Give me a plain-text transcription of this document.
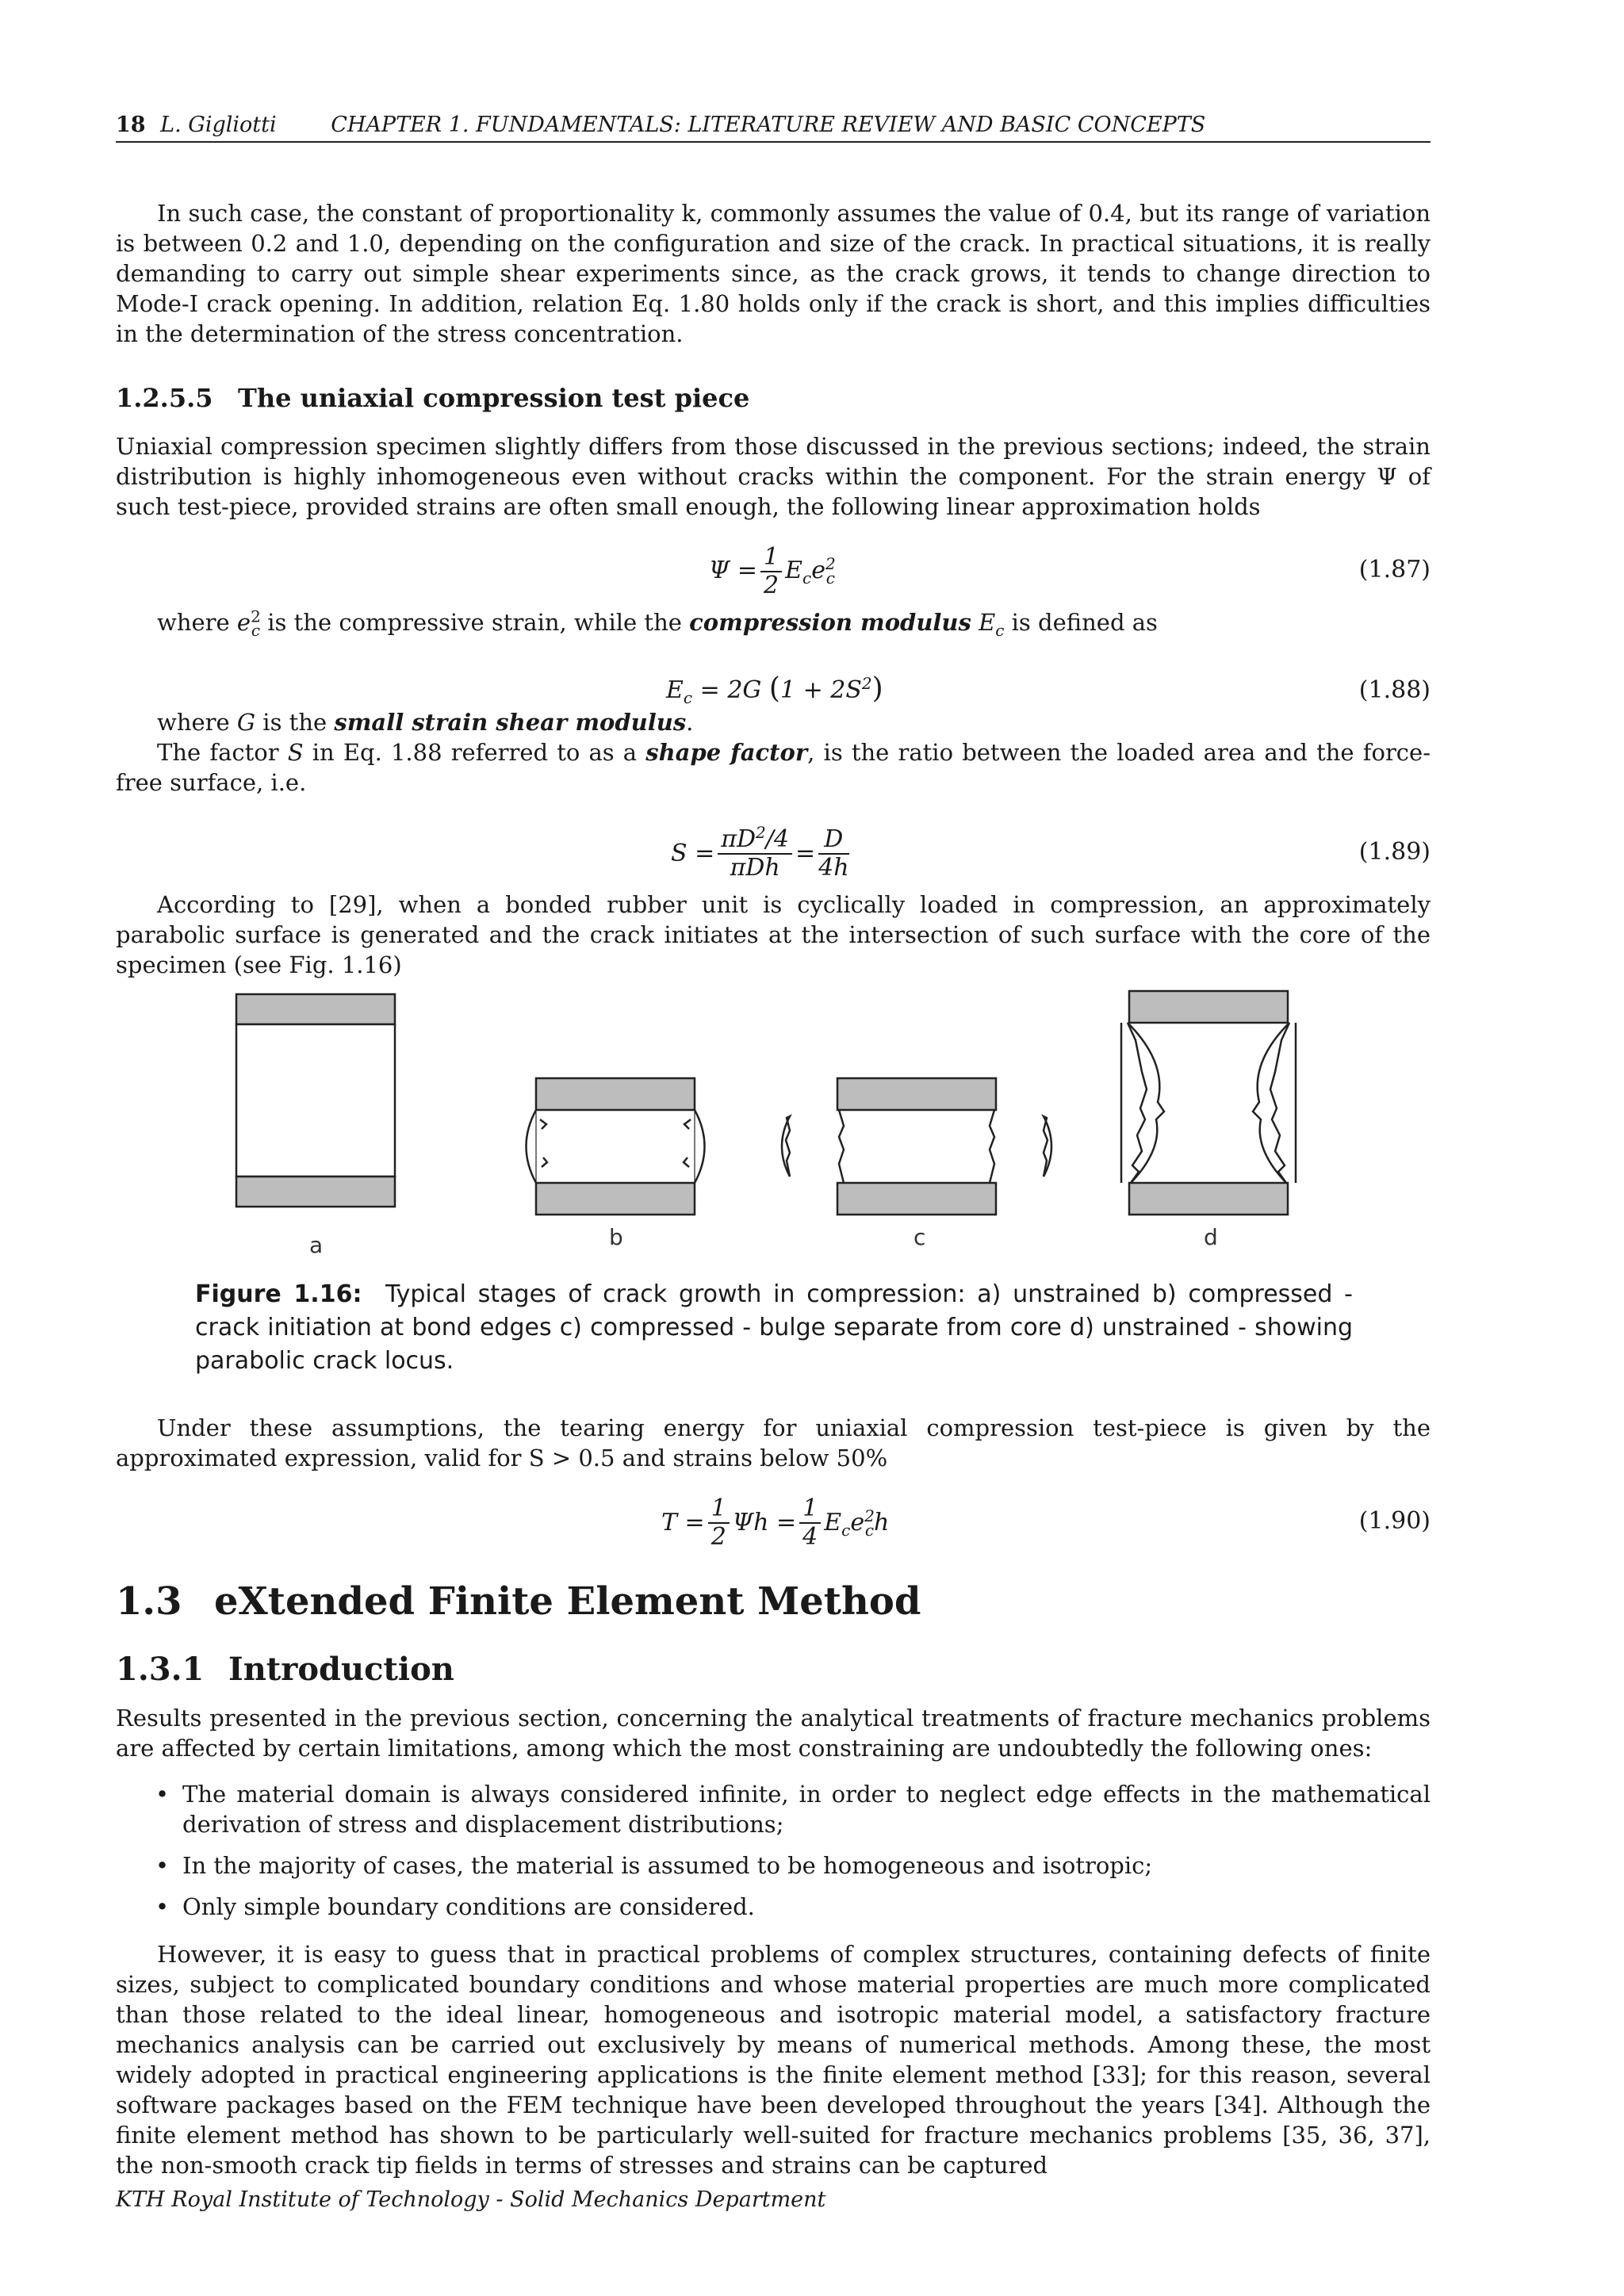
18 L. Gigliotti	CHAPTER 1. FUNDAMENTALS: LITERATURE REVIEW AND BASIC CONCEPTS

In such case, the constant of proportionality k, commonly assumes the value of 0.4, but its range of variation is between 0.2 and 1.0, depending on the configuration and size of the crack. In practical situations, it is really demanding to carry out simple shear experiments since, as the crack grows, it tends to change direction to Mode-I crack opening. In addition, relation Eq. 1.80 holds only if the crack is short, and this implies difficulties in the determination of the stress concentration.

1.2.5.5 The uniaxial compression test piece

Uniaxial compression specimen slightly differs from those discussed in the previous sections; indeed, the strain distribution is highly inhomogeneous even without cracks within the component. For the strain energy Ψ of such test-piece, provided strains are often small enough, the following linear approximation holds

$\Psi = \frac{1}{2} E_ce^2_c$	(1.87)

where $e^2_c$ is the compressive strain, while the compression modulus $E_c$ is defined as

$E_c = 2G$ $(1 + 2S^2)$	(1.88)

where G is the small strain shear modulus.

The factor S in Eq. 1.88 referred to as a shape factor, is the ratio between the loaded area and the force-free surface, i.e.

$S = \frac{\pi D^2/4}{\text{πDh}} = \frac{D}{4h}$	(1.89)

According to [29], when a bonded rubber unit is cyclically loaded in compression, an approximately parabolic surface is generated and the crack initiates at the intersection of such surface with the core of the specimen (see Fig. 1.16)

a	b	c	d
Figure 1.16: Typical stages of crack growth in compression: a) unstrained b) compressed - crack initiation at bond edges c) compressed - bulge separate from core d) unstrained - showing parabolic crack locus.

Under these assumptions, the tearing energy for uniaxial compression test-piece is given by the approximated expression, valid for S > 0.5 and strains below 50%

$T = \frac{1}{2}$ $\Psi h = \frac{1}{4} E_ce^2_ch$	(1.90)
1.3 eXtended Finite Element Method
1.3.1 Introduction

Results presented in the previous section, concerning the analytical treatments of fracture mechanics problems are affected by certain limitations, among which the most constraining are undoubtedly the following ones:

• The material domain is always considered infinite, in order to neglect edge effects in the mathematical derivation of stress and displacement distributions;
• In the majority of cases, the material is assumed to be homogeneous and isotropic;
• Only simple boundary conditions are considered.

However, it is easy to guess that in practical problems of complex structures, containing defects of finite sizes, subject to complicated boundary conditions and whose material properties are much more complicated than those related to the ideal linear, homogeneous and isotropic material model, a satisfactory fracture mechanics analysis can be carried out exclusively by means of numerical methods. Among these, the most widely adopted in practical engineering applications is the finite element method [33]; for this reason, several software packages based on the FEM technique have been developed throughout the years [34]. Although the finite element method has shown to be particularly well-suited for fracture mechanics problems [35, 36, 37], the non-smooth crack tip fields in terms of stresses and strains can be captured

KTH Royal Institute of Technology - Solid Mechanics Department
